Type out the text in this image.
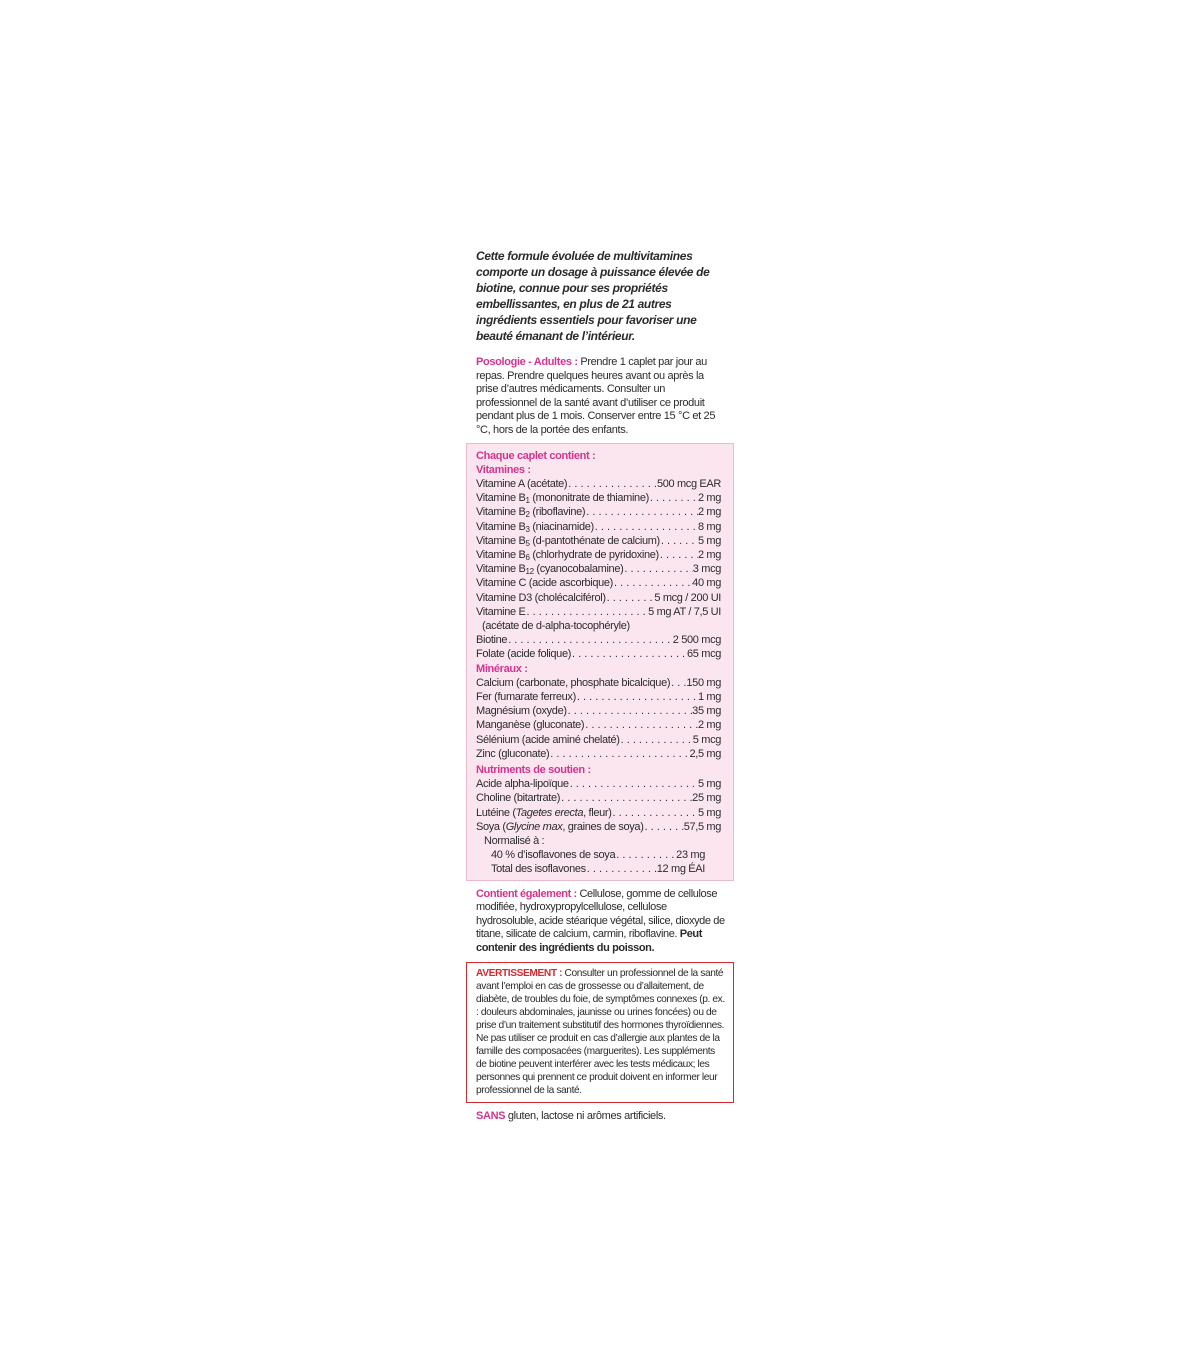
Cette formule évoluée de multivitamines comporte un dosage à puissance élevée de biotine, connue pour ses propriétés embellissantes, en plus de 21 autres ingrédients essentiels pour favoriser une beauté émanant de l’intérieur.

Posologie - Adultes : Prendre 1 caplet par jour au repas. Prendre quelques heures avant ou après la prise d’autres médicaments. Consulter un professionnel de la santé avant d’utiliser ce produit pendant plus de 1 mois. Conserver entre 15 °C et 25 °C, hors de la portée des enfants.

Chaque caplet contient :
Vitamines :
Vitamine A (acétate) . . .	500 mcg EAR
Vitamine $B_1$ (mononitrate de thiamine) . . .	2 mg
Vitamine $B_2$ (riboflavine) . . .	2 mg
Vitamine $B_3$ (niacinamide) . . .	8 mg
Vitamine $B_5$ (d-pantothénate de calcium) . . .	5 mg
Vitamine $B_6$ (chlorhydrate de pyridoxine) . . .	2 mg
Vitamine $B_{12}$ (cyanocobalamine) . . .	3 mcg
Vitamine C (acide ascorbique) . . .	40 mg
Vitamine D3 (cholécalciférol) . . .	5 mcg / 200 UI
Vitamine E . . .	5 mg AT / 7,5 UI
(acétate de d-alpha-tocophéryle)
Biotine . . .	2 500 mcg
Folate (acide folique) . . .	65 mcg
Minéraux :
Calcium (carbonate, phosphate bicalcique) . . . 150 mg
Fer (fumarate ferreux) . . .	1 mg
Magnésium (oxyde) . . .	35 mg
Manganèse (gluconate) . . .	2 mg
Sélénium (acide aminé chelaté) . . .	5 mcg
Zinc (gluconate) . . .	2,5 mg
Nutriments de soutien :
Acide alpha-lipoïque . . .	5 mg
Choline (bitartrate) . . .	25 mg
Lutéine (Tagetes erecta, fleur) . . .	5 mg
Soya (Glycine max, graines de soya) . . .	57,5 mg
Normalisé à :
40 % d’isoflavones de soya . . .	23 mg
Total des isoflavones . . .	12 mg ÉAI

Contient également : Cellulose, gomme de cellulose modifiée, hydroxypropylcellulose, cellulose hydrosoluble, acide stéarique végétal, silice, dioxyde de titane, silicate de calcium, carmin, riboflavine. Peut contenir des ingrédients du poisson.

AVERTISSEMENT : Consulter un professionnel de la santé avant l’emploi en cas de grossesse ou d’allaitement, de diabète, de troubles du foie, de symptômes connexes (p. ex. : douleurs abdominales, jaunisse ou urines foncées) ou de prise d’un traitement substitutif des hormones thyroïdiennes. Ne pas utiliser ce produit en cas d’allergie aux plantes de la famille des composacées (marguerites). Les suppléments de biotine peuvent interférer avec les tests médicaux; les personnes qui prennent ce produit doivent en informer leur professionnel de la santé.

SANS gluten, lactose ni arômes artificiels.
